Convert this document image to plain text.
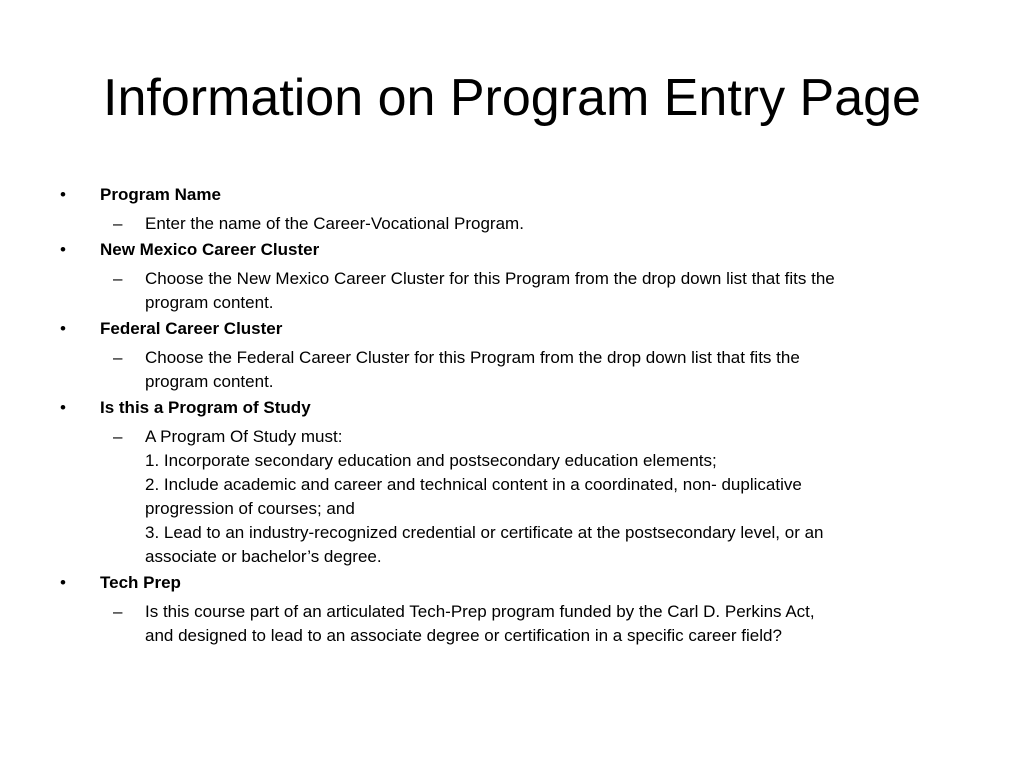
Information on Program Entry Page
• Program Name
– Enter the name of the Career-Vocational Program.
• New Mexico Career Cluster
– Choose the New Mexico Career Cluster for this Program from the drop down list that fits the
program content.
• Federal Career Cluster
– Choose the Federal Career Cluster for this Program from the drop down list that fits the
program content.
• Is this a Program of Study
– A Program Of Study must:
1. Incorporate secondary education and postsecondary education elements;
2. Include academic and career and technical content in a coordinated, non- duplicative
progression of courses; and
3. Lead to an industry-recognized credential or certificate at the postsecondary level, or an
associate or bachelor’s degree.
• Tech Prep
– Is this course part of an articulated Tech-Prep program funded by the Carl D. Perkins Act,
and designed to lead to an associate degree or certification in a specific career field?
